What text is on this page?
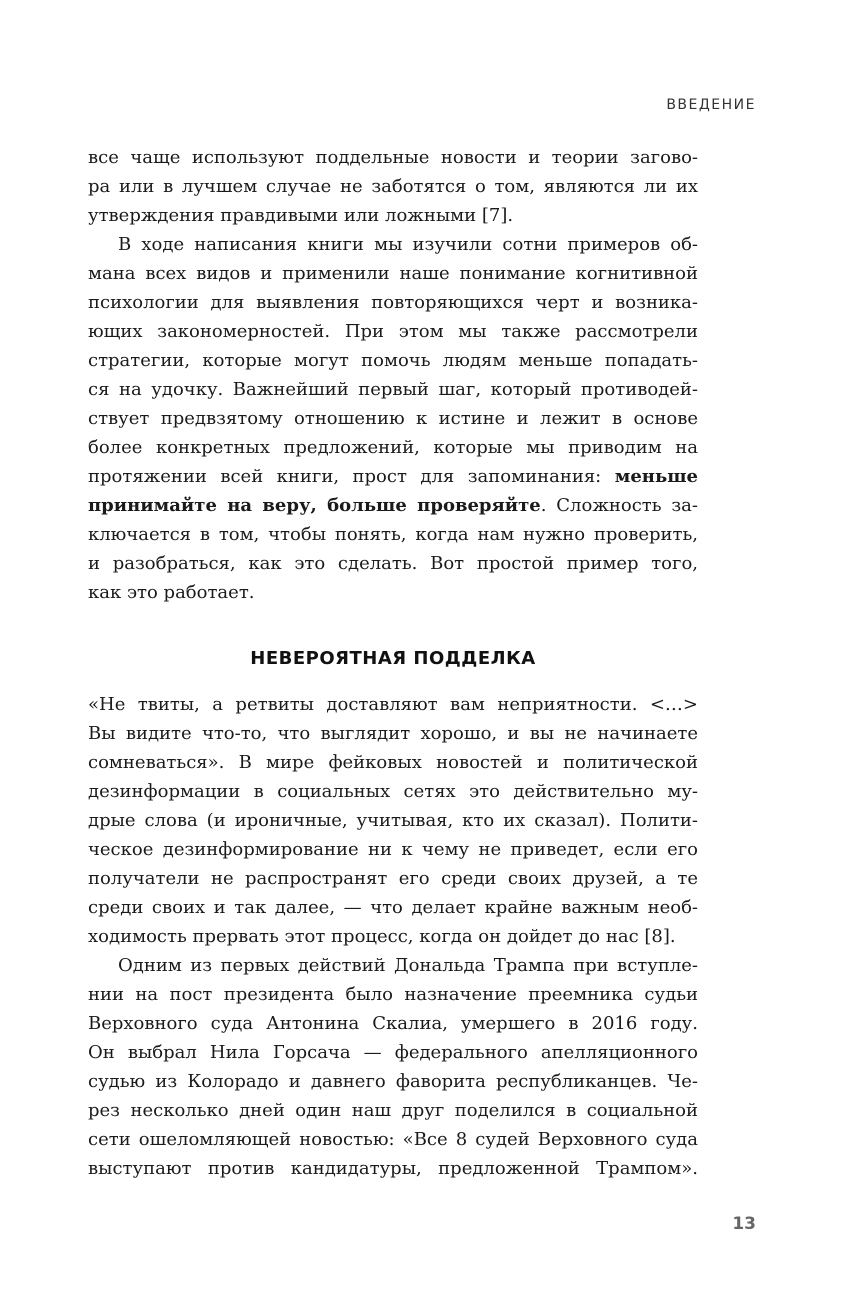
ВВЕДЕНИЕ
все чаще используют поддельные новости и теории загово-
ра или в лучшем случае не заботятся о том, являются ли их
утверждения правдивыми или ложными [7].
В ходе написания книги мы изучили сотни примеров об-
мана всех видов и применили наше понимание когнитивной
психологии для выявления повторяющихся черт и возника-
ющих закономерностей. При этом мы также рассмотрели
стратегии, которые могут помочь людям меньше попадать-
ся на удочку. Важнейший первый шаг, который противодей-
ствует предвзятому отношению к истине и лежит в основе
более конкретных предложений, которые мы приводим на
протяжении всей книги, прост для запоминания: меньше
принимайте на веру, больше проверяйте. Сложность за-
ключается в том, чтобы понять, когда нам нужно проверить,
и разобраться, как это сделать. Вот простой пример того,
как это работает.
НЕВЕРОЯТНАЯ ПОДДЕЛКА
«Не твиты, а ретвиты доставляют вам неприятности. <…>
Вы видите что-то, что выглядит хорошо, и вы не начинаете
сомневаться». В мире фейковых новостей и политической
дезинформации в социальных сетях это действительно му-
дрые слова (и ироничные, учитывая, кто их сказал). Полити-
ческое дезинформирование ни к чему не приведет, если его
получатели не распространят его среди своих друзей, а те
среди своих и так далее, — что делает крайне важным необ-
ходимость прервать этот процесс, когда он дойдет до нас [8].
Одним из первых действий Дональда Трампа при вступле-
нии на пост президента было назначение преемника судьи
Верховного суда Антонина Скалиа, умершего в 2016 году.
Он выбрал Нила Горсача — федерального апелляционного
судью из Колорадо и давнего фаворита республиканцев. Че-
рез несколько дней один наш друг поделился в социальной
сети ошеломляющей новостью: «Все 8 судей Верховного суда
выступают против кандидатуры, предложенной Трампом».
13
